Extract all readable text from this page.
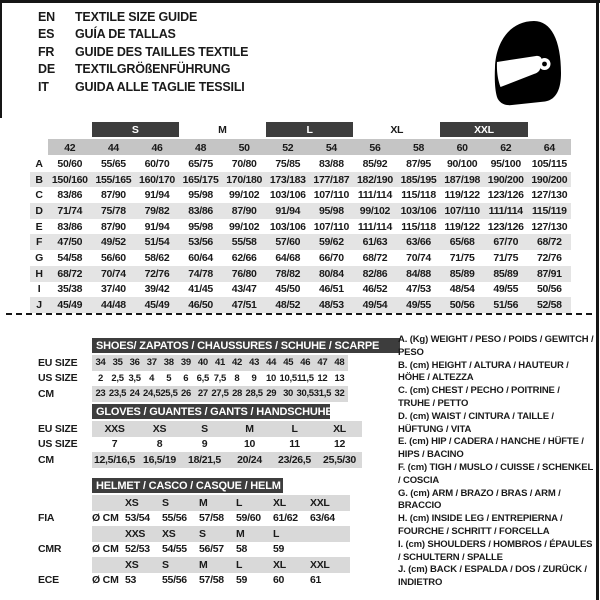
EN	TEXTILE SIZE GUIDE
ES	GUÍA DE TALLAS
FR	GUIDE DES TAILLES TEXTILE
DE	TEXTILGRÖßENFÜHRUNG
IT	GUIDA ALLE TAGLIE TESSILI
S	M	L	XL	XXL
42	44	46	48	50	52	54	56	58	60	62	64
A	50/60	55/65	60/70	65/75	70/80	75/85	83/88	85/92	87/95	90/100	95/100	105/115
B 150/160 155/165 160/170 165/175 170/180 173/183 177/187 182/190 185/195 187/198 190/200 190/200
C	83/86	87/90	91/94	95/98	99/102	103/106 107/110 111/114 115/118 119/122 123/126 127/130
D	71/74	75/78	79/82	83/86	87/90	91/94	95/98	99/102	103/106 107/110 111/114 115/119
E	83/86	87/90	91/94	95/98	99/102	103/106 107/110 111/114 115/118 119/122 123/126 127/130
F	47/50	49/52	51/54	53/56	55/58	57/60	59/62	61/63	63/66	65/68	67/70	68/72
G	54/58	56/60	58/62	60/64	62/66	64/68	66/70	68/72	70/74	71/75	71/75	72/76
H	68/72	70/74	72/76	74/78	76/80	78/82	80/84	82/86	84/88	85/89	85/89	87/91
I	35/38	37/40	39/42	41/45	43/47	45/50	46/51	46/52	47/53	48/54	49/55	50/56
J	45/49	44/48	45/49	46/50	47/51	48/52	48/53	49/54	49/55	50/56	51/56	52/58
SHOES/ ZAPATOS / CHAUSSURES / SCHUHE / SCARPE
EU SIZE	34 35 36 37 38 39 40 41 42 43 44 45 46 47 48
US SIZE	2 2,5 3,5 4	5	6 6,5 7,5 8	9	10 10,5 11,5 12 13
CM	23 23,5 24 24,5 25,5 26 27 27,5 28 28,5 29 30 30,5 31,5 32
GLOVES / GUANTES / GANTS / HANDSCHUHE / GUANTI
EU SIZE	XXS	XS	S	M	L	XL
US SIZE	7	8	9	10	11	12
CM	12,5/16,5 16,5/19	18/21,5	20/24	23/26,5	25,5/30
HELMET / CASCO / CASQUE / HELM / CASCO
XS	S	M	L	XL	XXL
FIA	Ø CM 53/54	55/56	57/58	59/60	61/62	63/64
XXS	XS	S	M	L
CMR	Ø CM 52/53	54/55	56/57	58	59
XS	S	M	L	XL	XXL
ECE	Ø CM 53	55/56	57/58	59	60	61
A. (Kg) WEIGHT / PESO / POIDS / GEWITCH / PESO
B. (cm) HEIGHT / ALTURA / HAUTEUR / HÖHE / ALTEZZA
C. (cm) CHEST / PECHO / POITRINE / TRUHE / PETTO
D. (cm) WAIST / CINTURA / TAILLE / HÜFTUNG / VITA
E. (cm) HIP / CADERA / HANCHE / HÜFTE / HIPS / BACINO
F. (cm) TIGH / MUSLO / CUISSE / SCHENKEL / COSCIA
G. (cm) ARM / BRAZO / BRAS / ARM / BRACCIO
H. (cm) INSIDE LEG / ENTREPIERNA / FOURCHE / SCHRITT / FORCELLA
I. (cm) SHOULDERS / HOMBROS / ÉPAULES / SCHULTERN / SPALLE
J. (cm) BACK / ESPALDA / DOS / ZURÜCK / INDIETRO
